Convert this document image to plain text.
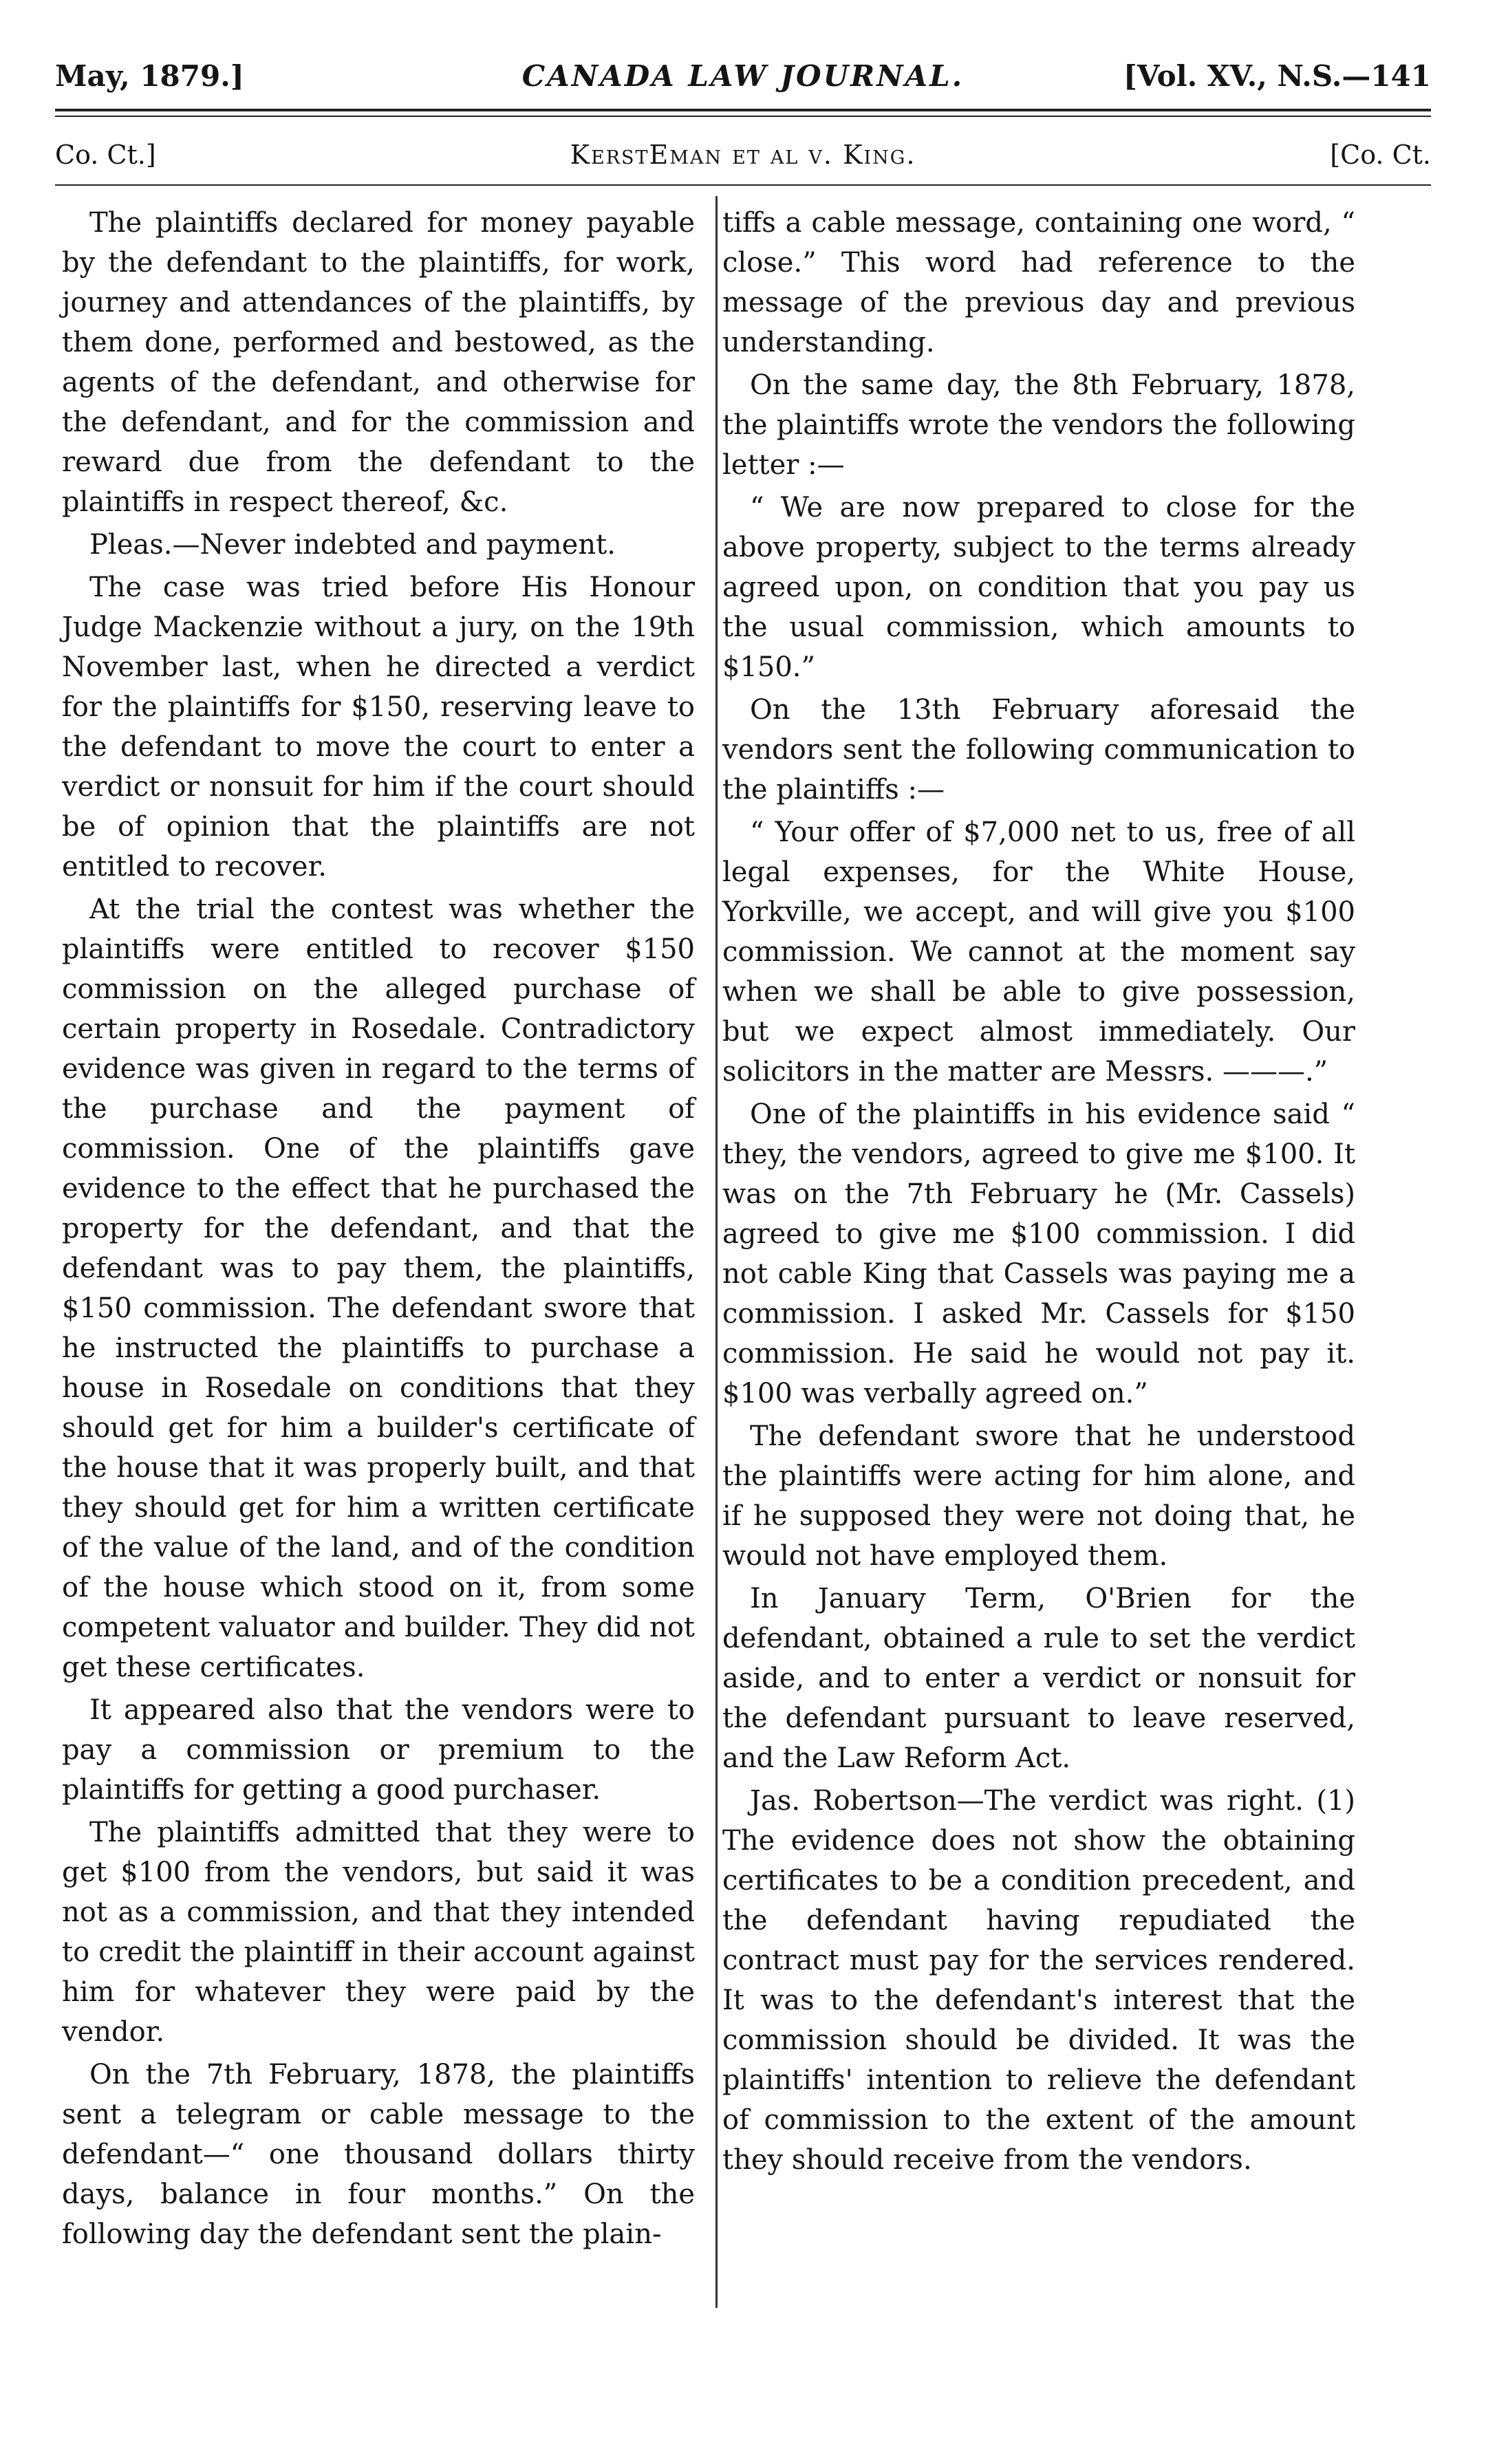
May, 1879.]	CANADA LAW JOURNAL.	[Vol. XV., N.S.—141
Co. Ct.]	KerstEman et al v. King.	[Co. Ct.

The plaintiffs declared for money payable by the defendant to the plaintiffs, for work, journey and attendances of the plaintiffs, by them done, performed and bestowed, as the agents of the defendant, and otherwise for the defendant, and for the commission and reward due from the defendant to the plaintiffs in respect thereof, &c.

Pleas.—Never indebted and payment.

The case was tried before His Honour Judge Mackenzie without a jury, on the 19th November last, when he directed a verdict for the plaintiffs for $150, reserving leave to the defendant to move the court to enter a verdict or nonsuit for him if the court should be of opinion that the plaintiffs are not entitled to recover.

At the trial the contest was whether the plaintiffs were entitled to recover $150 commission on the alleged purchase of certain property in Rosedale. Contradictory evidence was given in regard to the terms of the purchase and the payment of commission. One of the plaintiffs gave evidence to the effect that he purchased the property for the defendant, and that the defendant was to pay them, the plaintiffs, $150 commission. The defendant swore that he instructed the plaintiffs to purchase a house in Rosedale on conditions that they should get for him a builder's certificate of the house that it was properly built, and that they should get for him a written certificate of the value of the land, and of the condition of the house which stood on it, from some competent valuator and builder. They did not get these certificates.

It appeared also that the vendors were to pay a commission or premium to the plaintiffs for getting a good purchaser.

The plaintiffs admitted that they were to get $100 from the vendors, but said it was not as a commission, and that they intended to credit the plaintiff in their account against him for whatever they were paid by the vendor.

On the 7th February, 1878, the plaintiffs sent a telegram or cable message to the defendant—“ one thousand dollars thirty days, balance in four months.” On the following day the defendant sent the plain-

tiffs a cable message, containing one word, “ close.” This word had reference to the message of the previous day and previous understanding.

On the same day, the 8th February, 1878, the plaintiffs wrote the vendors the following letter :—

“ We are now prepared to close for the above property, subject to the terms already agreed upon, on condition that you pay us the usual commission, which amounts to $150.”

On the 13th February aforesaid the vendors sent the following communication to the plaintiffs :—

“ Your offer of $7,000 net to us, free of all legal expenses, for the White House, Yorkville, we accept, and will give you $100 commission. We cannot at the moment say when we shall be able to give possession, but we expect almost immediately. Our solicitors in the matter are Messrs. ———.”

One of the plaintiffs in his evidence said “ they, the vendors, agreed to give me $100. It was on the 7th February he (Mr. Cassels) agreed to give me $100 commission. I did not cable King that Cassels was paying me a commission. I asked Mr. Cassels for $150 commission. He said he would not pay it. $100 was verbally agreed on.”

The defendant swore that he understood the plaintiffs were acting for him alone, and if he supposed they were not doing that, he would not have employed them.

In January Term, O'Brien for the defendant, obtained a rule to set the verdict aside, and to enter a verdict or nonsuit for the defendant pursuant to leave reserved, and the Law Reform Act.

Jas. Robertson—The verdict was right. (1) The evidence does not show the obtaining certificates to be a condition precedent, and the defendant having repudiated the contract must pay for the services rendered. It was to the defendant's interest that the commission should be divided. It was the plaintiffs' intention to relieve the defendant of commission to the extent of the amount they should receive from the vendors.
